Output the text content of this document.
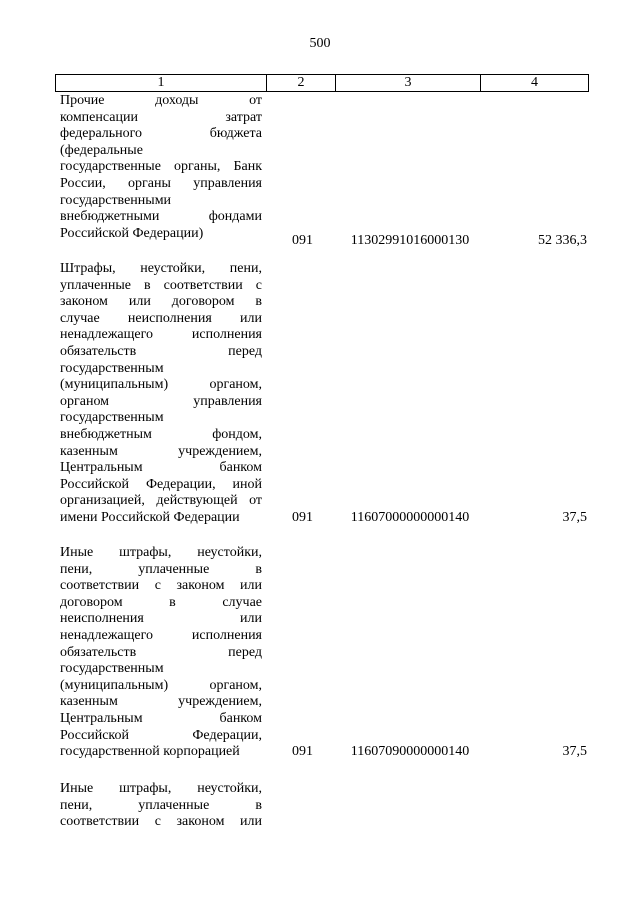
500
1	2	3	4
Прочие доходы от
компенсации затрат
федерального бюджета
(федеральные
государственные органы, Банк
России, органы управления
государственными
внебюджетными фондами
Российской Федерации)	091	11302991016000130	52 336,3
Штрафы, неустойки, пени,
уплаченные в соответствии с
законом или договором в
случае неисполнения или
ненадлежащего исполнения
обязательств перед
государственным
(муниципальным) органом,
органом управления
государственным
внебюджетным фондом,
казенным учреждением,
Центральным банком
Российской Федерации, иной
организацией, действующей от
имени Российской Федерации	091	11607000000000140	37,5
Иные штрафы, неустойки,
пени, уплаченные в
соответствии с законом или
договором в случае
неисполнения или
ненадлежащего исполнения
обязательств перед
государственным
(муниципальным) органом,
казенным учреждением,
Центральным банком
Российской Федерации,
государственной корпорацией	091	11607090000000140	37,5
Иные штрафы, неустойки,
пени, уплаченные в
соответствии с законом или
